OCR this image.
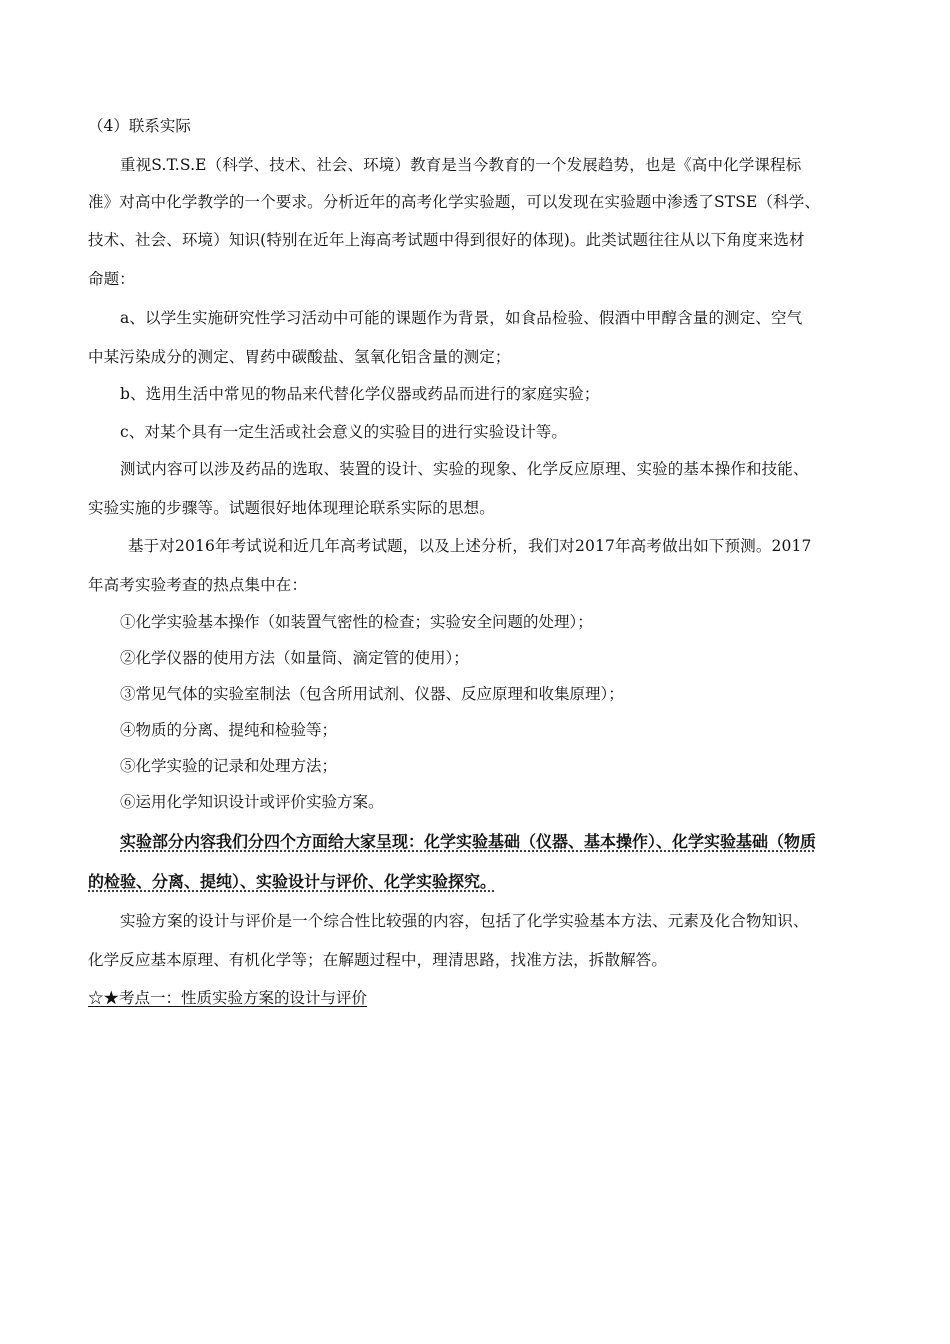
（4）联系实际

重视S.T.S.E（科学、技术、社会、环境）教育是当今教育的一个发展趋势，也是《高中化学课程标

准》对高中化学教学的一个要求。分析近年的高考化学实验题，可以发现在实验题中渗透了STSE（科学、

技术、社会、环境）知识(特别在近年上海高考试题中得到很好的体现)。此类试题往往从以下角度来选材

命题：

a、以学生实施研究性学习活动中可能的课题作为背景，如食品检验、假酒中甲醇含量的测定、空气

中某污染成分的测定、胃药中碳酸盐、氢氧化铝含量的测定；

b、选用生活中常见的物品来代替化学仪器或药品而进行的家庭实验；

c、对某个具有一定生活或社会意义的实验目的进行实验设计等。

测试内容可以涉及药品的选取、装置的设计、实验的现象、化学反应原理、实验的基本操作和技能、

实验实施的步骤等。试题很好地体现理论联系实际的思想。

基于对2016年考试说和近几年高考试题，以及上述分析，我们对2017年高考做出如下预测。2017

年高考实验考查的热点集中在：

①化学实验基本操作（如装置气密性的检查；实验安全问题的处理）；

②化学仪器的使用方法（如量筒、滴定管的使用）；

③常见气体的实验室制法（包含所用试剂、仪器、反应原理和收集原理）；

④物质的分离、提纯和检验等；

⑤化学实验的记录和处理方法；

⑥运用化学知识设计或评价实验方案。

实验部分内容我们分四个方面给大家呈现：化学实验基础（仪器、基本操作）、化学实验基础（物质

的检验、分离、提纯）、实验设计与评价、化学实验探究。

实验方案的设计与评价是一个综合性比较强的内容，包括了化学实验基本方法、元素及化合物知识、

化学反应基本原理、有机化学等；在解题过程中，理清思路，找准方法，拆散解答。

☆★考点一：性质实验方案的设计与评价
